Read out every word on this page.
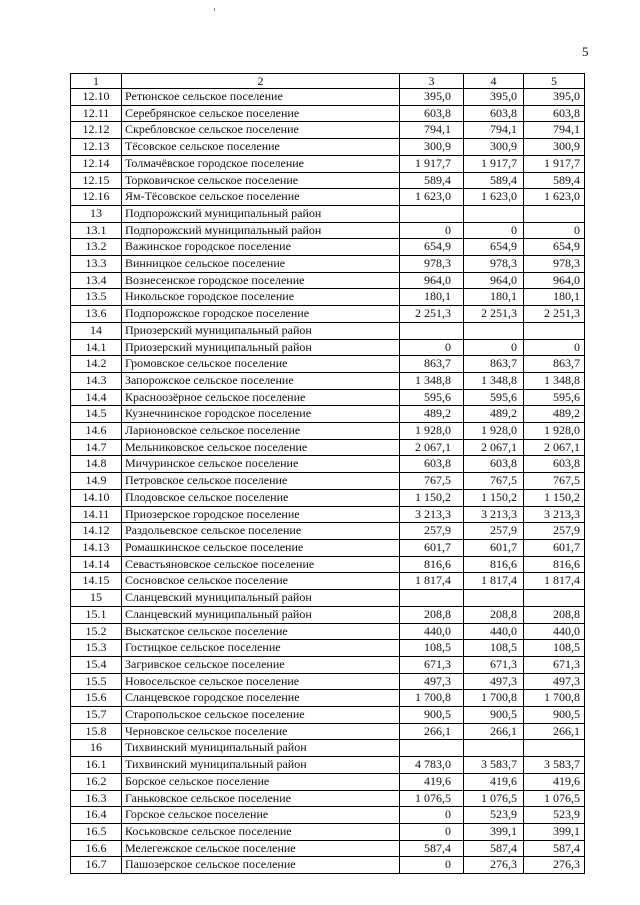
5
1	2	3	4	5
12.10	Ретюнское сельское поселение	395,0	395,0	395,0
12.11	Серебрянское сельское поселение	603,8	603,8	603,8
12.12	Скребловское сельское поселение	794,1	794,1	794,1
12.13	Тёсовское сельское поселение	300,9	300,9	300,9
12.14	Толмачёвское городское поселение	1 917,7	1 917,7	1 917,7
12.15	Торковичское сельское поселение	589,4	589,4	589,4
12.16	Ям-Тёсовское сельское поселение	1 623,0	1 623,0	1 623,0
13	Подпорожский муниципальный район			
13.1	Подпорожский муниципальный район	0	0	0
13.2	Важинское городское поселение	654,9	654,9	654,9
13.3	Винницкое сельское поселение	978,3	978,3	978,3
13.4	Вознесенское городское поселение	964,0	964,0	964,0
13.5	Никольское городское поселение	180,1	180,1	180,1
13.6	Подпорожское городское поселение	2 251,3	2 251,3	2 251,3
14	Приозерский муниципальный район			
14.1	Приозерский муниципальный район	0	0	0
14.2	Громовское сельское поселение	863,7	863,7	863,7
14.3	Запорожское сельское поселение	1 348,8	1 348,8	1 348,8
14.4	Красноозёрное сельское поселение	595,6	595,6	595,6
14.5	Кузнечнинское городское поселение	489,2	489,2	489,2
14.6	Ларионовское сельское поселение	1 928,0	1 928,0	1 928,0
14.7	Мельниковское сельское поселение	2 067,1	2 067,1	2 067,1
14.8	Мичуринское сельское поселение	603,8	603,8	603,8
14.9	Петровское сельское поселение	767,5	767,5	767,5
14.10	Плодовское сельское поселение	1 150,2	1 150,2	1 150,2
14.11	Приозерское городское поселение	3 213,3	3 213,3	3 213,3
14.12	Раздольевское сельское поселение	257,9	257,9	257,9
14.13	Ромашкинское сельское поселение	601,7	601,7	601,7
14.14	Севастьяновское сельское поселение	816,6	816,6	816,6
14.15	Сосновское сельское поселение	1 817,4	1 817,4	1 817,4
15	Сланцевский муниципальный район			
15.1	Сланцевский муниципальный район	208,8	208,8	208,8
15.2	Выскатское сельское поселение	440,0	440,0	440,0
15.3	Гостицкое сельское поселение	108,5	108,5	108,5
15.4	Загривское сельское поселение	671,3	671,3	671,3
15.5	Новосельское сельское поселение	497,3	497,3	497,3
15.6	Сланцевское городское поселение	1 700,8	1 700,8	1 700,8
15.7	Старопольское сельское поселение	900,5	900,5	900,5
15.8	Черновское сельское поселение	266,1	266,1	266,1
16	Тихвинский муниципальный район			
16.1	Тихвинский муниципальный район	4 783,0	3 583,7	3 583,7
16.2	Борское сельское поселение	419,6	419,6	419,6
16.3	Ганьковское сельское поселение	1 076,5	1 076,5	1 076,5
16.4	Горское сельское поселение	0	523,9	523,9
16.5	Коськовское сельское поселение	0	399,1	399,1
16.6	Мелегежское сельское поселение	587,4	587,4	587,4
16.7	Пашозерское сельское поселение	0	276,3	276,3
